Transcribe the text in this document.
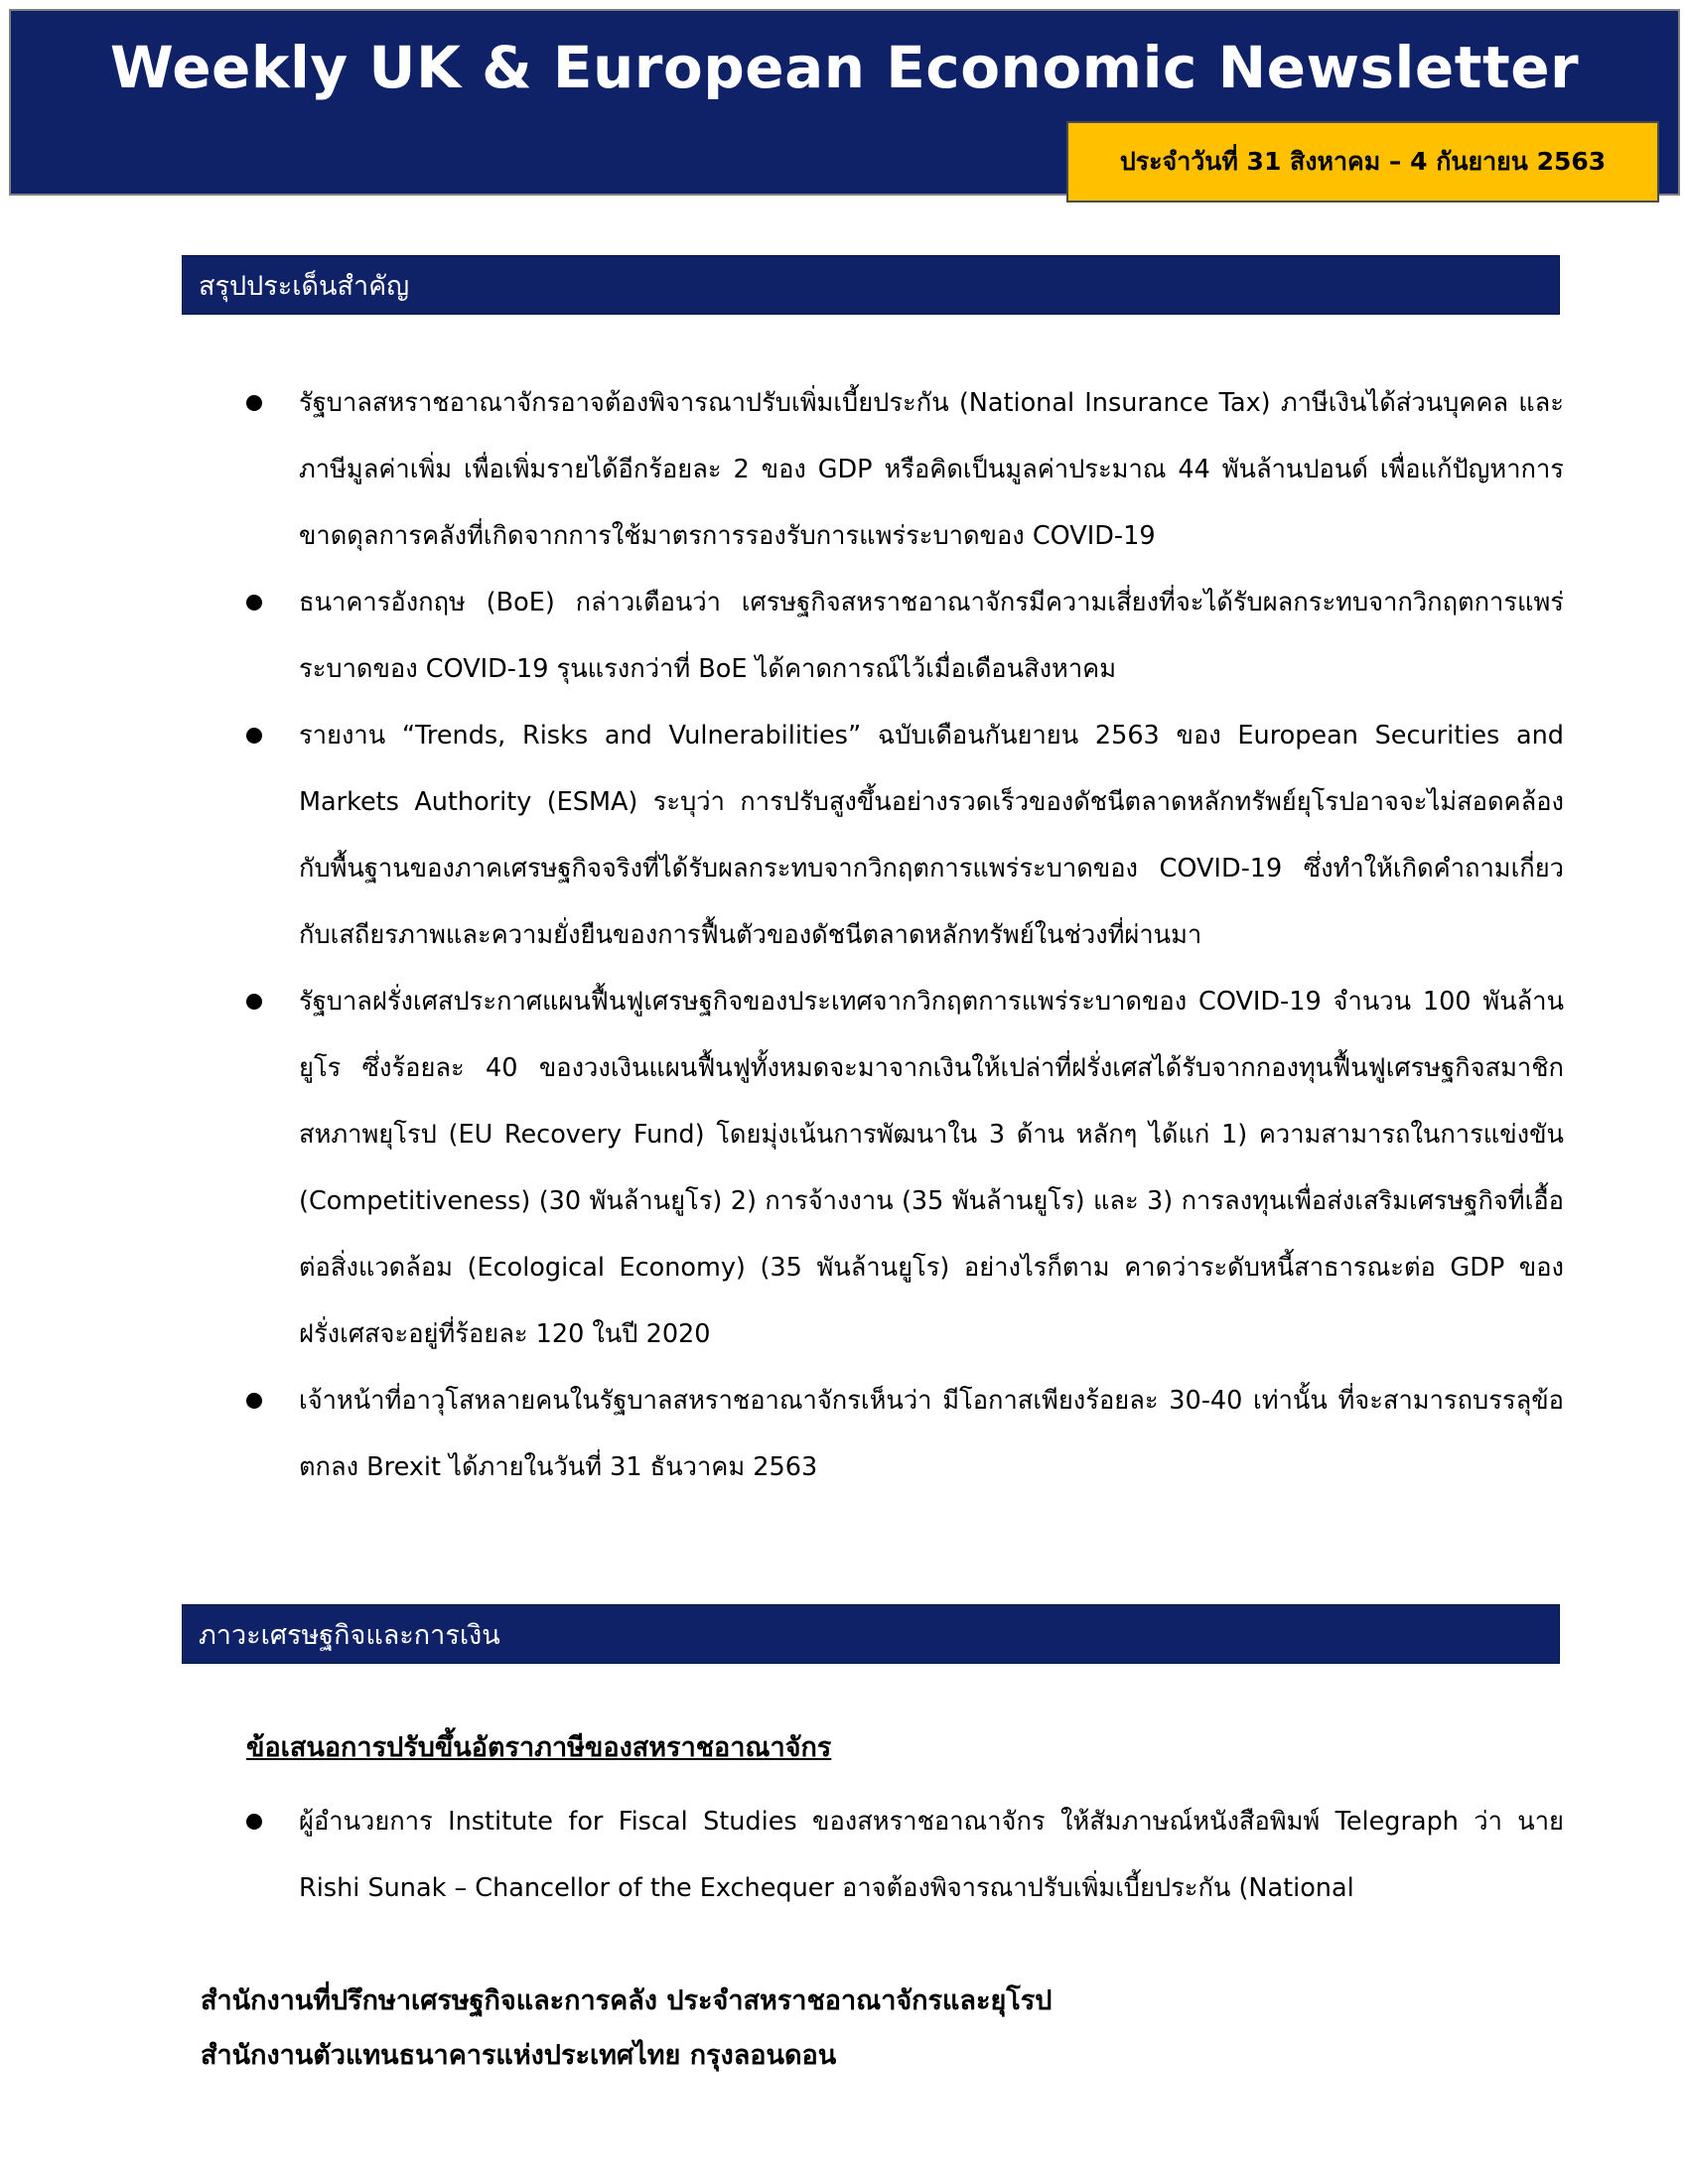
Weekly UK & European Economic Newsletter
ประจำวันที่ 31 สิงหาคม – 4 กันยายน 2563
สรุปประเด็นสำคัญ
รัฐบาลสหราชอาณาจักรอาจต้องพิจารณาปรับเพิ่มเบี้ยประกัน (National Insurance Tax) ภาษีเงินได้ส่วนบุคคล และภาษีมูลค่าเพิ่ม เพื่อเพิ่มรายได้อีกร้อยละ 2 ของ GDP หรือคิดเป็นมูลค่าประมาณ 44 พันล้านปอนด์ เพื่อแก้ปัญหาการขาดดุลการคลังที่เกิดจากการใช้มาตรการรองรับการแพร่ระบาดของ COVID-19
ธนาคารอังกฤษ (BoE) กล่าวเตือนว่า เศรษฐกิจสหราชอาณาจักรมีความเสี่ยงที่จะได้รับผลกระทบจากวิกฤตการแพร่ระบาดของ COVID-19 รุนแรงกว่าที่ BoE ได้คาดการณ์ไว้เมื่อเดือนสิงหาคม
รายงาน “Trends, Risks and Vulnerabilities” ฉบับเดือนกันยายน 2563 ของ European Securities and Markets Authority (ESMA) ระบุว่า การปรับสูงขึ้นอย่างรวดเร็วของดัชนีตลาดหลักทรัพย์ยุโรปอาจจะไม่สอดคล้องกับพื้นฐานของภาคเศรษฐกิจจริงที่ได้รับผลกระทบจากวิกฤตการแพร่ระบาดของ COVID-19 ซึ่งทำให้เกิดคำถามเกี่ยวกับเสถียรภาพและความยั่งยืนของการฟื้นตัวของดัชนีตลาดหลักทรัพย์ในช่วงที่ผ่านมา
รัฐบาลฝรั่งเศสประกาศแผนฟื้นฟูเศรษฐกิจของประเทศจากวิกฤตการแพร่ระบาดของ COVID-19 จำนวน 100 พันล้านยูโร ซึ่งร้อยละ 40 ของวงเงินแผนฟื้นฟูทั้งหมดจะมาจากเงินให้เปล่าที่ฝรั่งเศสได้รับจากกองทุนฟื้นฟูเศรษฐกิจสมาชิกสหภาพยุโรป (EU Recovery Fund) โดยมุ่งเน้นการพัฒนาใน 3 ด้าน หลักๆ ได้แก่ 1) ความสามารถในการแข่งขัน (Competitiveness) (30 พันล้านยูโร) 2) การจ้างงาน (35 พันล้านยูโร) และ 3) การลงทุนเพื่อส่งเสริมเศรษฐกิจที่เอื้อต่อสิ่งแวดล้อม (Ecological Economy) (35 พันล้านยูโร) อย่างไรก็ตาม คาดว่าระดับหนี้สาธารณะต่อ GDP ของฝรั่งเศสจะอยู่ที่ร้อยละ 120 ในปี 2020
เจ้าหน้าที่อาวุโสหลายคนในรัฐบาลสหราชอาณาจักรเห็นว่า มีโอกาสเพียงร้อยละ 30-40 เท่านั้น ที่จะสามารถบรรลุข้อตกลง Brexit ได้ภายในวันที่ 31 ธันวาคม 2563
ภาวะเศรษฐกิจและการเงิน
ข้อเสนอการปรับขึ้นอัตราภาษีของสหราชอาณาจักร
ผู้อำนวยการ Institute for Fiscal Studies ของสหราชอาณาจักร ให้สัมภาษณ์หนังสือพิมพ์ Telegraph ว่า นาย Rishi Sunak – Chancellor of the Exchequer อาจต้องพิจารณาปรับเพิ่มเบี้ยประกัน (National
สำนักงานที่ปรึกษาเศรษฐกิจและการคลัง ประจำสหราชอาณาจักรและยุโรป
สำนักงานตัวแทนธนาคารแห่งประเทศไทย กรุงลอนดอน
